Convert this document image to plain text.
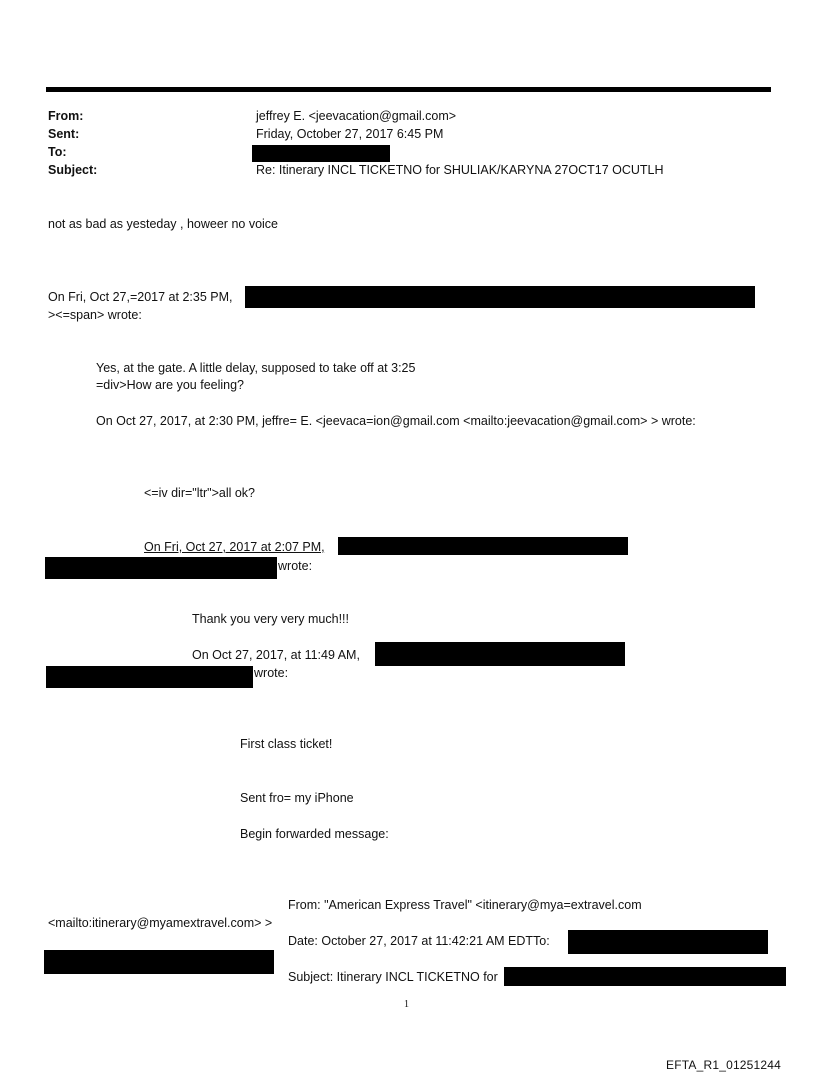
From:
Sent:
To:
Subject:
jeffrey E. <jeevacation@gmail.com>
Friday, October 27, 2017 6:45 PM
Re: Itinerary INCL TICKETNO for SHULIAK/KARYNA 27OCT17 OCUTLH
not as bad as yesteday , howeer no voice
On Fri, Oct 27,=2017 at 2:35 PM,
><=span> wrote:
Yes, at the gate. A little delay, supposed to take off at 3:25
=div>How are you feeling?
On Oct 27, 2017, at 2:30 PM, jeffre= E. <jeevaca=ion@gmail.com <mailto:jeevacation@gmail.com> > wrote:
<=iv dir="ltr">all ok?
On Fri, Oct 27, 2017 at 2:07 PM,
wrote:
Thank you very very much!!!
On Oct 27, 2017, at 11:49 AM,
wrote:
First class ticket!
Sent fro= my iPhone
Begin forwarded message:
From: "American Express Travel" <itinerary@mya=extravel.com
<mailto:itinerary@myamextravel.com> >
Date: October 27, 2017 at 11:42:21 AM EDTTo:
Subject: Itinerary INCL TICKETNO for
1
EFTA_R1_01251244
